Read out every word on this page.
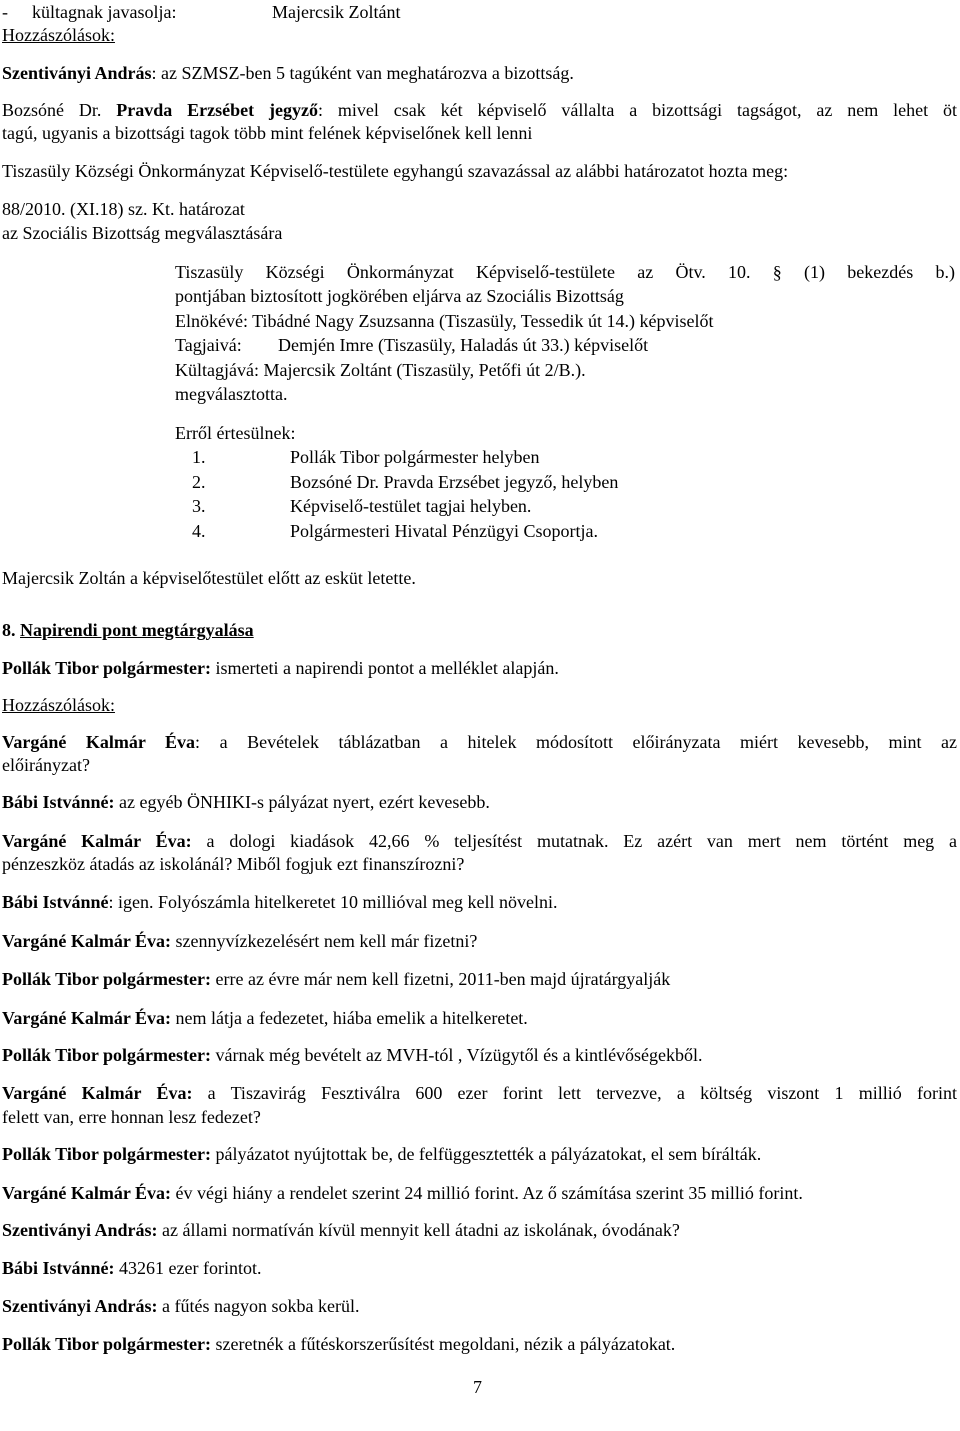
- kültagnak javasolja:	Majercsik Zoltánt
Hozzászólások:
Szentiványi András: az SZMSZ-ben 5 tagúként van meghatározva a bizottság.
Bozsóné Dr. Pravda Erzsébet jegyző: mivel csak két képviselő vállalta a bizottsági tagságot, az nem lehet öt
tagú, ugyanis a bizottsági tagok több mint felének képviselőnek kell lenni
Tiszasüly Községi Önkormányzat Képviselő-testülete egyhangú szavazással az alábbi határozatot hozta meg:
88/2010. (XI.18) sz. Kt. határozat
az Szociális Bizottság megválasztására
Tiszasüly Községi Önkormányzat Képviselő-testülete az Ötv. 10. § (1) bekezdés b.)
pontjában biztosított jogkörében eljárva az Szociális Bizottság
Elnökévé: Tibádné Nagy Zsuzsanna (Tiszasüly, Tessedik út 14.) képviselőt
Tagjaivá: Demjén Imre (Tiszasüly, Haladás út 33.) képviselőt
Kültagjává: Majercsik Zoltánt (Tiszasüly, Petőfi út 2/B.).
megválasztotta.
Erről értesülnek:
1.	Pollák Tibor polgármester helyben
2.	Bozsóné Dr. Pravda Erzsébet jegyző, helyben
3.	Képviselő-testület tagjai helyben.
4.	Polgármesteri Hivatal Pénzügyi Csoportja.
Majercsik Zoltán a képviselőtestület előtt az esküt letette.
8. Napirendi pont megtárgyalása
Pollák Tibor polgármester: ismerteti a napirendi pontot a melléklet alapján.
Hozzászólások:
Vargáné Kalmár Éva: a Bevételek táblázatban a hitelek módosított előirányzata miért kevesebb, mint az
előirányzat?
Bábi Istvánné: az egyéb ÖNHIKI-s pályázat nyert, ezért kevesebb.
Vargáné Kalmár Éva: a dologi kiadások 42,66 % teljesítést mutatnak. Ez azért van mert nem történt meg a
pénzeszköz átadás az iskolánál? Miből fogjuk ezt finanszírozni?
Bábi Istvánné: igen. Folyószámla hitelkeretet 10 millióval meg kell növelni.
Vargáné Kalmár Éva: szennyvízkezelésért nem kell már fizetni?
Pollák Tibor polgármester: erre az évre már nem kell fizetni, 2011-ben majd újratárgyalják
Vargáné Kalmár Éva: nem látja a fedezetet, hiába emelik a hitelkeretet.
Pollák Tibor polgármester: várnak még bevételt az MVH-tól , Vízügytől és a kintlévőségekből.
Vargáné Kalmár Éva: a Tiszavirág Fesztiválra 600 ezer forint lett tervezve, a költség viszont 1 millió forint
felett van, erre honnan lesz fedezet?
Pollák Tibor polgármester: pályázatot nyújtottak be, de felfüggesztették a pályázatokat, el sem bírálták.
Vargáné Kalmár Éva: év végi hiány a rendelet szerint 24 millió forint. Az ő számítása szerint 35 millió forint.
Szentiványi András: az állami normatíván kívül mennyit kell átadni az iskolának, óvodának?
Bábi Istvánné: 43261 ezer forintot.
Szentiványi András: a fűtés nagyon sokba kerül.
Pollák Tibor polgármester: szeretnék a fűtéskorszerűsítést megoldani, nézik a pályázatokat.
7
